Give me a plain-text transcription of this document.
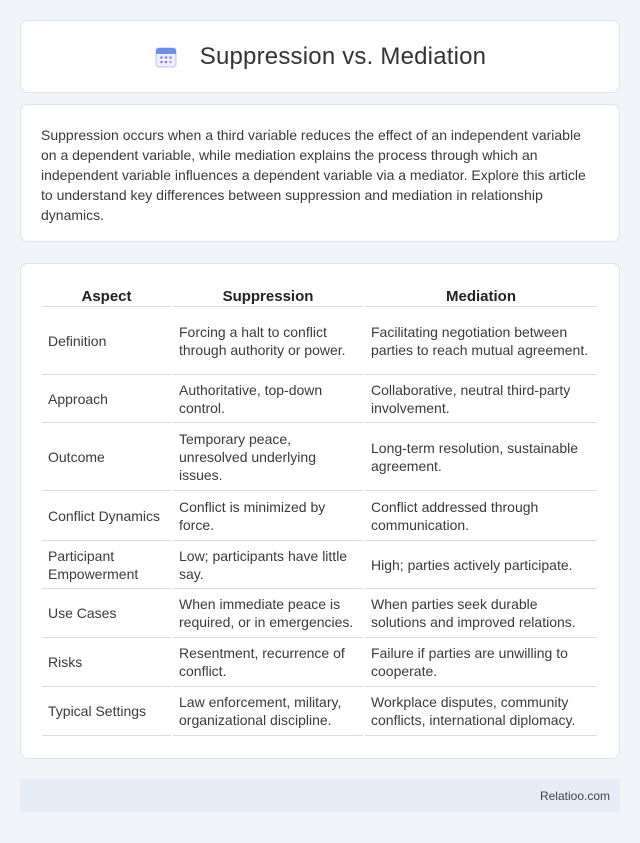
Suppression vs. Mediation

Suppression occurs when a third variable reduces the effect of an independent variable on a dependent variable, while mediation explains the process through which an independent variable influences a dependent variable via a mediator. Explore this article to understand key differences between suppression and mediation in relationship dynamics.

Aspect	Suppression	Mediation
Definition	Forcing a halt to conflict through authority or power.	Facilitating negotiation between parties to reach mutual agreement.
Approach	Authoritative, top-down control.	Collaborative, neutral third-party involvement.
Outcome	Temporary peace, unresolved underlying issues.	Long-term resolution, sustainable agreement.
Conflict Dynamics	Conflict is minimized by force.	Conflict addressed through communication.
Participant Empowerment	Low; participants have little say.	High; parties actively participate.
Use Cases	When immediate peace is required, or in emergencies.	When parties seek durable solutions and improved relations.
Risks	Resentment, recurrence of conflict.	Failure if parties are unwilling to cooperate.
Typical Settings	Law enforcement, military, organizational discipline.	Workplace disputes, community conflicts, international diplomacy.
Relatioo.com
